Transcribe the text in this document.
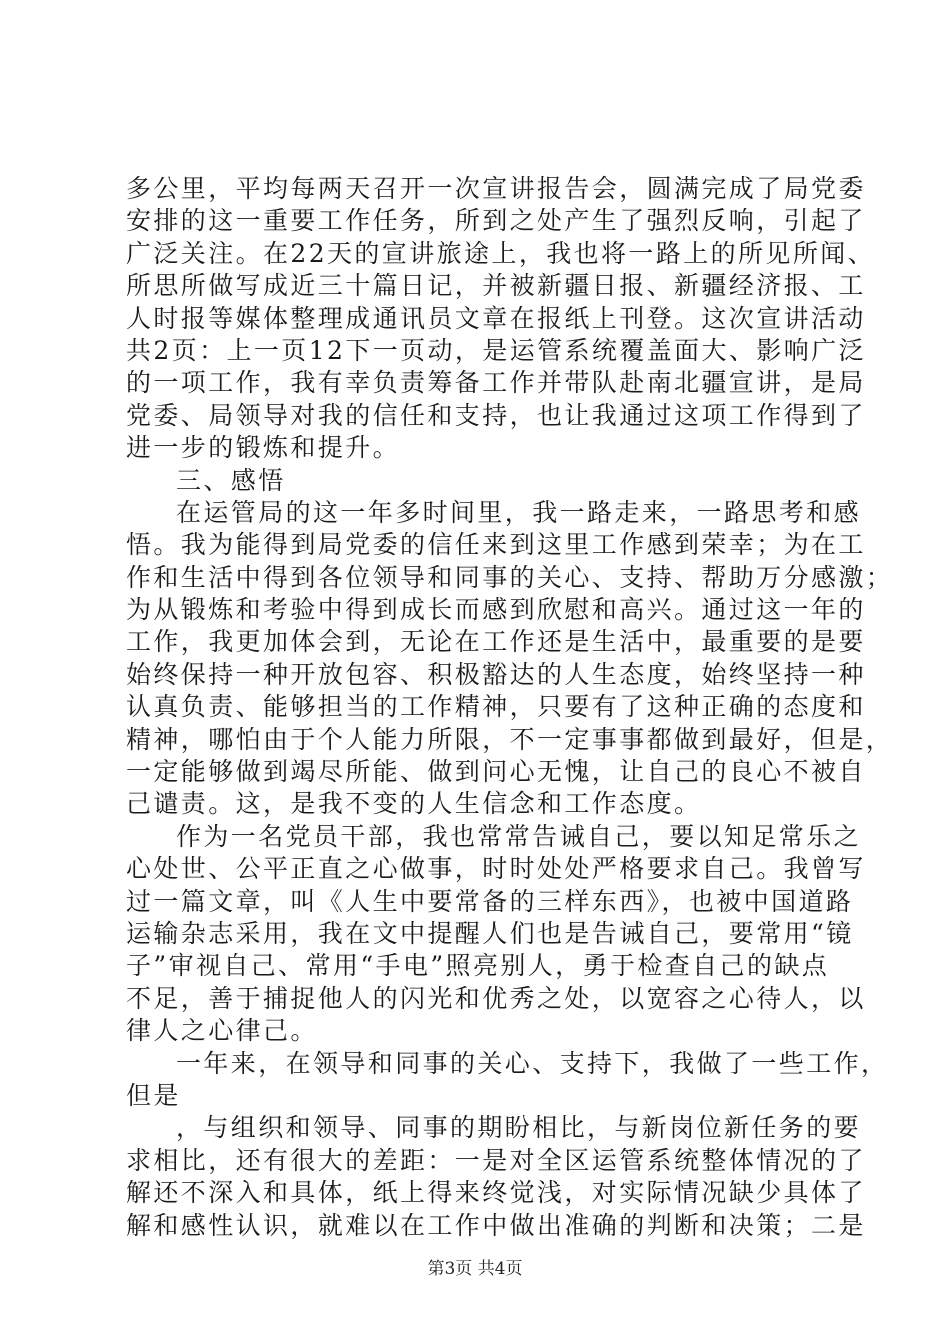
多公里，平均每两天召开一次宣讲报告会，圆满完成了局党委
安排的这一重要工作任务，所到之处产生了强烈反响，引起了
广泛关注。在22天的宣讲旅途上，我也将一路上的所见所闻、
所思所做写成近三十篇日记，并被新疆日报、新疆经济报、工
人时报等媒体整理成通讯员文章在报纸上刊登。这次宣讲活动
共2页：上一页12下一页动，是运管系统覆盖面大、影响广泛
的一项工作，我有幸负责筹备工作并带队赴南北疆宣讲，是局
党委、局领导对我的信任和支持，也让我通过这项工作得到了
进一步的锻炼和提升。
三、感悟
在运管局的这一年多时间里，我一路走来，一路思考和感
悟。我为能得到局党委的信任来到这里工作感到荣幸；为在工
作和生活中得到各位领导和同事的关心、支持、帮助万分感激；
为从锻炼和考验中得到成长而感到欣慰和高兴。通过这一年的
工作，我更加体会到，无论在工作还是生活中，最重要的是要
始终保持一种开放包容、积极豁达的人生态度，始终坚持一种
认真负责、能够担当的工作精神，只要有了这种正确的态度和
精神，哪怕由于个人能力所限，不一定事事都做到最好，但是，
一定能够做到竭尽所能、做到问心无愧，让自己的良心不被自
己谴责。这，是我不变的人生信念和工作态度。
作为一名党员干部，我也常常告诫自己，要以知足常乐之
心处世、公平正直之心做事，时时处处严格要求自己。我曾写
过一篇文章，叫《人生中要常备的三样东西》，也被中国道路
运输杂志采用，我在文中提醒人们也是告诫自己，要常用“镜
子”审视自己、常用“手电”照亮别人，勇于检查自己的缺点
不足，善于捕捉他人的闪光和优秀之处，以宽容之心待人，以
律人之心律己。
一年来，在领导和同事的关心、支持下，我做了一些工作，
但是
，与组织和领导、同事的期盼相比，与新岗位新任务的要
求相比，还有很大的差距：一是对全区运管系统整体情况的了
解还不深入和具体，纸上得来终觉浅，对实际情况缺少具体了
解和感性认识，就难以在工作中做出准确的判断和决策；二是
第3页 共4页
